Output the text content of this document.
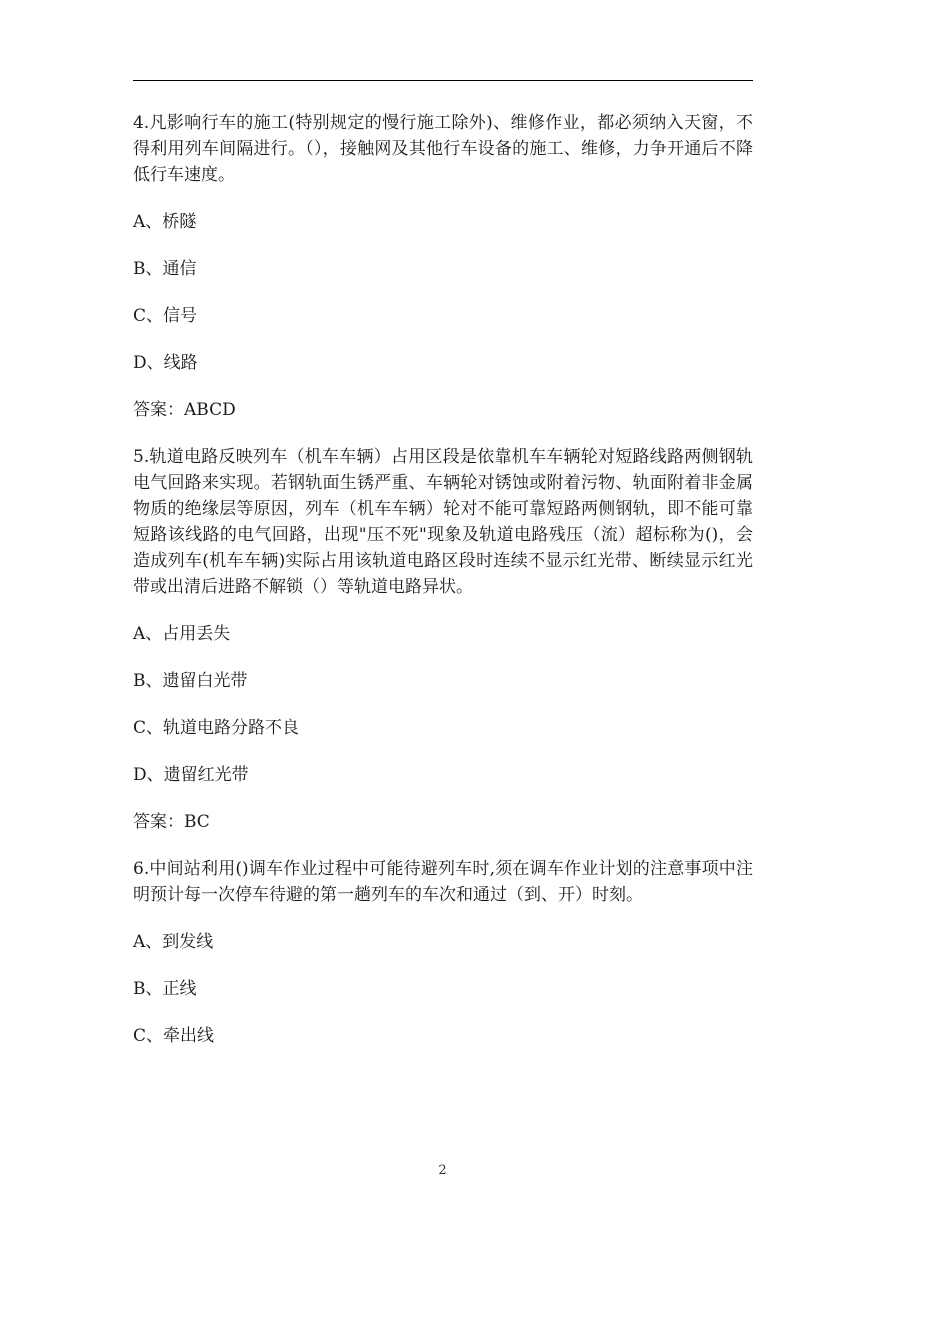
4.凡影响行车的施工(特别规定的慢行施工除外)、维修作业，都必须纳入天窗，不得利用列车间隔进行。（），接触网及其他行车设备的施工、维修，力争开通后不降低行车速度。

A、桥隧

B、通信

C、信号

D、线路

答案：ABCD

5.轨道电路反映列车（机车车辆）占用区段是依靠机车车辆轮对短路线路两侧钢轨电气回路来实现。若钢轨面生锈严重、车辆轮对锈蚀或附着污物、轨面附着非金属物质的绝缘层等原因，列车（机车车辆）轮对不能可靠短路两侧钢轨，即不能可靠短路该线路的电气回路，出现"压不死"现象及轨道电路残压（流）超标称为()，会造成列车(机车车辆)实际占用该轨道电路区段时连续不显示红光带、断续显示红光带或出清后进路不解锁（）等轨道电路异状。

A、占用丢失

B、遗留白光带

C、轨道电路分路不良

D、遗留红光带

答案：BC

6.中间站利用()调车作业过程中可能待避列车时,须在调车作业计划的注意事项中注明预计每一次停车待避的第一趟列车的车次和通过（到、开）时刻。

A、到发线

B、正线

C、牵出线

2
